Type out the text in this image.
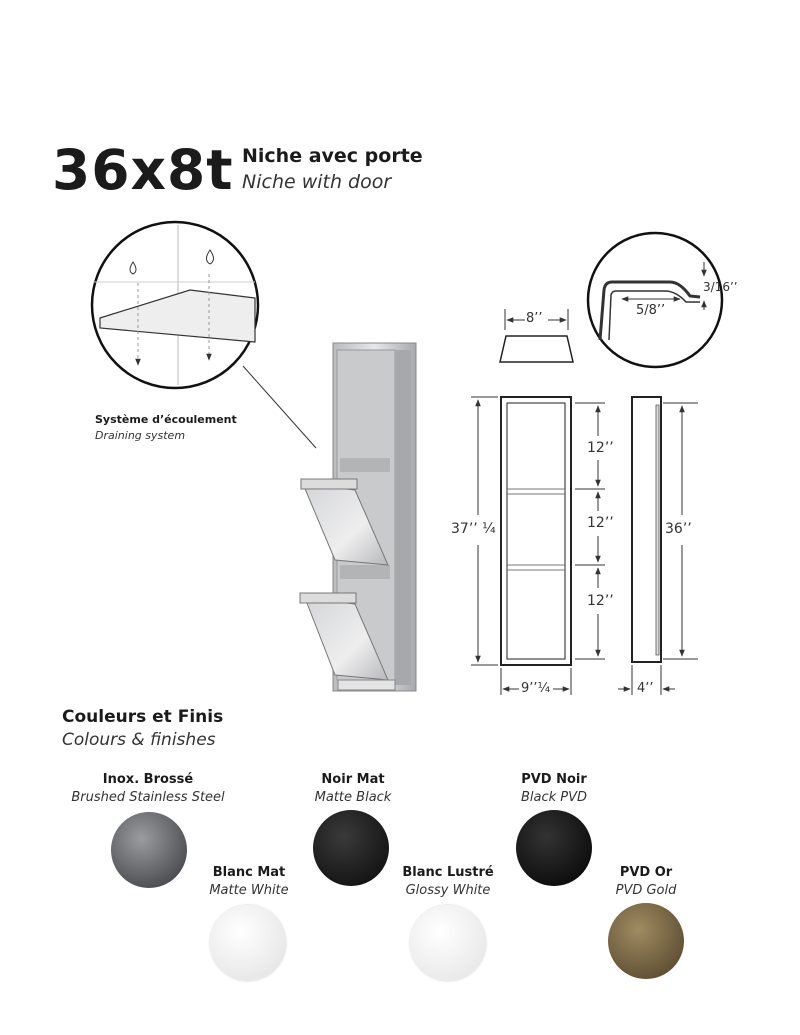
36x8t Niche avec porte
Niche with door
Système d’écoulement
Draining system
8’’
3/16’’
5/8’’
12’’
12’’
12’’
37’’ ¼	36’’
9’’¼	4’’
Couleurs et Finis
Colours & finishes
Inox. Brossé
Brushed Stainless Steel
Noir Mat
Matte Black
PVD Noir
Black PVD
Blanc Mat
Matte White
Blanc Lustré
Glossy White
PVD Or
PVD Gold
